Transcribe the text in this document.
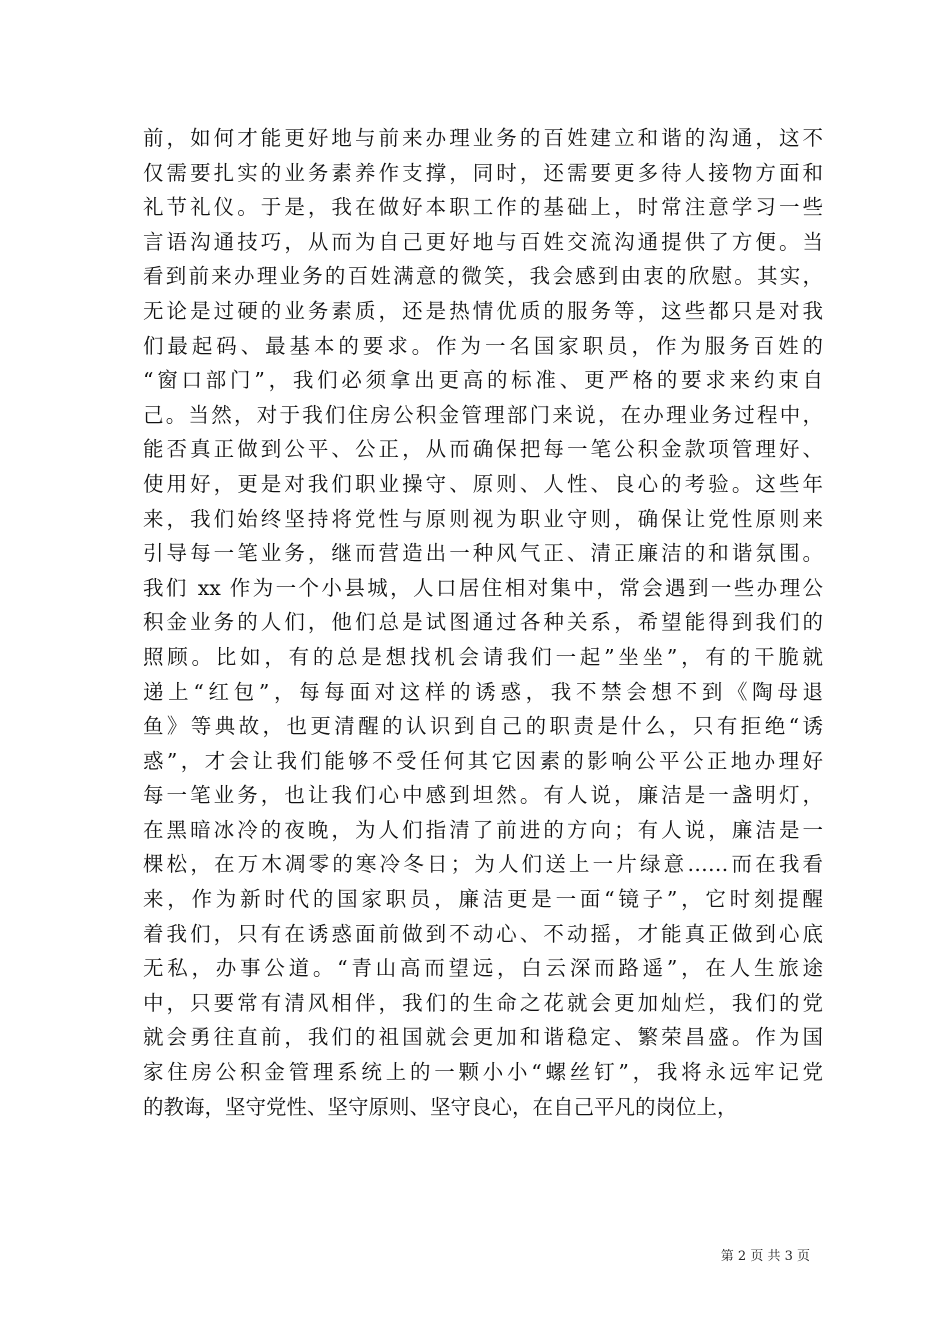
前，如何才能更好地与前来办理业务的百姓建立和谐的沟通，这不
仅需要扎实的业务素养作支撑，同时，还需要更多待人接物方面和
礼节礼仪。于是，我在做好本职工作的基础上，时常注意学习一些
言语沟通技巧，从而为自己更好地与百姓交流沟通提供了方便。当
看到前来办理业务的百姓满意的微笑，我会感到由衷的欣慰。其实，
无论是过硬的业务素质，还是热情优质的服务等，这些都只是对我
们最起码、最基本的要求。作为一名国家职员，作为服务百姓的
“窗口部门”，我们必须拿出更高的标准、更严格的要求来约束自
己。当然，对于我们住房公积金管理部门来说，在办理业务过程中，
能否真正做到公平、公正，从而确保把每一笔公积金款项管理好、
使用好，更是对我们职业操守、原则、人性、良心的考验。这些年
来，我们始终坚持将党性与原则视为职业守则，确保让党性原则来
引导每一笔业务，继而营造出一种风气正、清正廉洁的和谐氛围。
我们 xx 作为一个小县城，人口居住相对集中，常会遇到一些办理公
积金业务的人们，他们总是试图通过各种关系，希望能得到我们的
照顾。比如，有的总是想找机会请我们一起”坐坐”，有的干脆就
递上“红包”，每每面对这样的诱惑，我不禁会想不到《陶母退
鱼》等典故，也更清醒的认识到自己的职责是什么，只有拒绝“诱
惑”，才会让我们能够不受任何其它因素的影响公平公正地办理好
每一笔业务，也让我们心中感到坦然。有人说，廉洁是一盏明灯，
在黑暗冰冷的夜晚，为人们指清了前进的方向；有人说，廉洁是一
棵松，在万木凋零的寒冷冬日；为人们送上一片绿意……而在我看
来，作为新时代的国家职员，廉洁更是一面“镜子”，它时刻提醒
着我们，只有在诱惑面前做到不动心、不动摇，才能真正做到心底
无私，办事公道。“青山高而望远，白云深而路遥”，在人生旅途
中，只要常有清风相伴，我们的生命之花就会更加灿烂，我们的党
就会勇往直前，我们的祖国就会更加和谐稳定、繁荣昌盛。作为国
家住房公积金管理系统上的一颗小小“螺丝钉”，我将永远牢记党
的教诲，坚守党性、坚守原则、坚守良心，在自己平凡的岗位上，
第 2 页 共 3 页
